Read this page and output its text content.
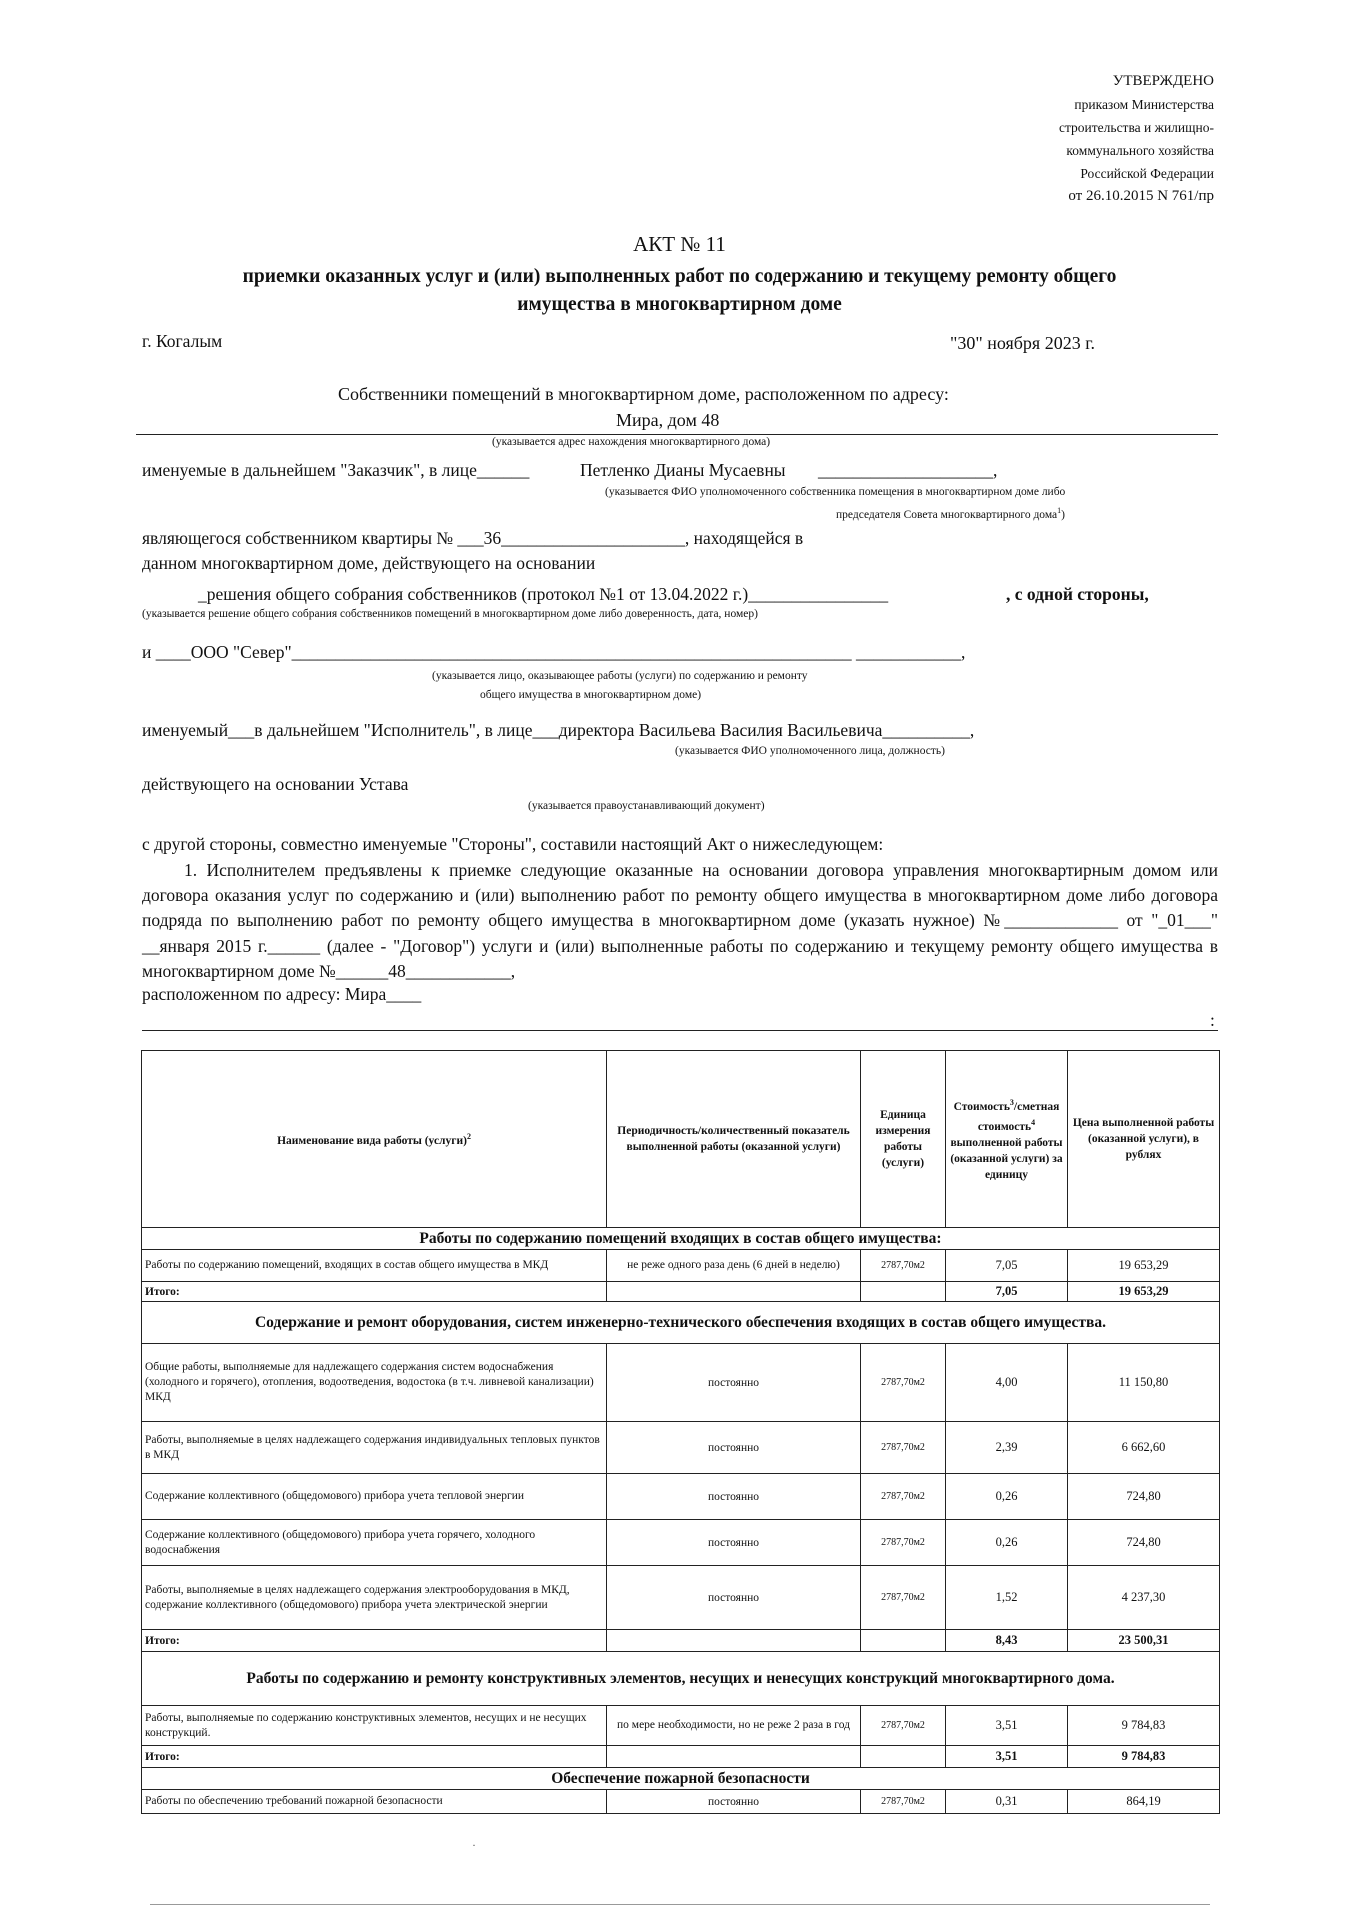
УТВЕРЖДЕНО
приказом Министерства
строительства и жилищно-
коммунального хозяйства
Российской Федерации
от 26.10.2015 N 761/пр
АКТ № 11
приемки оказанных услуг и (или) выполненных работ по содержанию и текущему ремонту общего
имущества в многоквартирном доме
г. Когалым	"30" ноября 2023 г.
Собственники помещений в многоквартирном доме, расположенном по адресу:
Мира, дом 48
(указывается адрес нахождения многоквартирного дома)
именуемые в дальнейшем "Заказчик", в лице______	Петленко Дианы Мусаевны ____________________,
(указывается ФИО уполномоченного собственника помещения в многоквартирном доме либо
председателя Совета многоквартирного дома$^1$)
являющегося собственником квартиры № ___36_____________________, находящейся в
данном многоквартирном доме, действующего на основании
_решения общего собрания собственников (протокол №1 от 13.04.2022 г.)________________	, с одной стороны,
(указывается решение общего собрания собственников помещений в многоквартирном доме либо доверенность, дата, номер)
и ____ООО "Север"________________________________________________________________ ____________,
(указывается лицо, оказывающее работы (услуги) по содержанию и ремонту
общего имущества в многоквартирном доме)
именуемый___в дальнейшем "Исполнитель", в лице___директора Васильева Василия Васильевича__________,
(указывается ФИО уполномоченного лица, должность)
действующего на основании Устава
(указывается правоустанавливающий документ)
с другой стороны, совместно именуемые "Стороны", составили настоящий Акт о нижеследующем:
1. Исполнителем предъявлены к приемке следующие оказанные на основании договора управления многоквартирным домом или договора оказания услуг по содержанию и (или) выполнению работ по ремонту общего имущества в многоквартирном доме либо договора подряда по выполнению работ по ремонту общего имущества в многоквартирном доме (указать нужное) №_____________ от "_01___" __января 2015 г.______ (далее - "Договор") услуги и (или) выполненные работы по содержанию и текущему ремонту общего имущества в многоквартирном доме №______48____________,
расположенном по адресу: Мира____
:
Наименование вида работы (услуги)$^2$	Периодичность/количественный показатель выполненной работы (оказанной услуги)	Единица измерения работы (услуги)	Стоимость$^3$/сметная стоимость$^4$ выполненной работы (оказанной услуги) за единицу	Цена выполненной работы (оказанной услуги), в рублях
Работы по содержанию помещений входящих в состав общего имущества:				
Работы по содержанию помещений, входящих в состав общего имущества в МКД	не реже одного раза день (6 дней в неделю)	2787,70м2	7,05	19 653,29
Итого:			7,05	19 653,29
Содержание и ремонт оборудования, систем инженерно-технического обеспечения входящих в состав общего имущества.				
Общие работы, выполняемые для надлежащего содержания систем водоснабжения (холодного и горячего), отопления, водоотведения, водостока (в т.ч. ливневой канализации) МКД	постоянно	2787,70м2	4,00	11 150,80
Работы, выполняемые в целях надлежащего содержания индивидуальных тепловых пунктов в МКД	постоянно	2787,70м2	2,39	6 662,60
Содержание коллективного (общедомового) прибора учета тепловой энергии	постоянно	2787,70м2	0,26	724,80
Содержание коллективного (общедомового) прибора учета горячего, холодного водоснабжения	постоянно	2787,70м2	0,26	724,80
Работы, выполняемые в целях надлежащего содержания электрооборудования в МКД, содержание коллективного (общедомового) прибора учета электрической энергии	постоянно	2787,70м2	1,52	4 237,30
Итого:			8,43	23 500,31
Работы по содержанию и ремонту конструктивных элементов, несущих и ненесущих конструкций многоквартирного дома.				
Работы, выполняемые по содержанию конструктивных элементов, несущих и не несущих конструкций.	по мере необходимости, но не реже 2 раза в год	2787,70м2	3,51	9 784,83
Итого:			3,51	9 784,83
Обеспечение пожарной безопасности				
Работы по обеспечению требований пожарной безопасности	постоянно	2787,70м2	0,31	864,19
·
